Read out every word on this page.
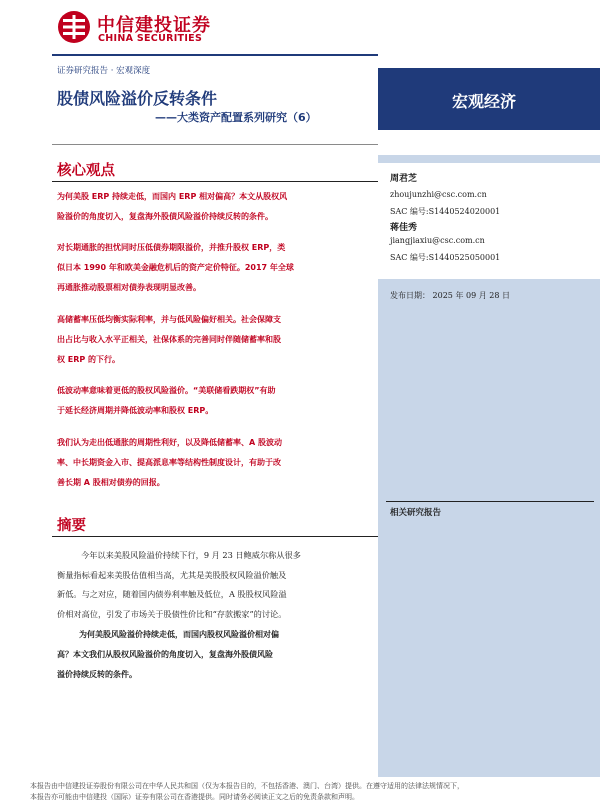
中信建投证券
CHINA SECURITIES
证券研究报告 · 宏观深度
股债风险溢价反转条件
——大类资产配置系列研究（6）
宏观经济
周君芝
zhoujunzhi@csc.com.cn
SAC 编号:S1440524020001
蒋佳秀
jiangjiaxiu@csc.com.cn
SAC 编号:S1440525050001
发布日期： 2025 年 09 月 28 日
相关研究报告
核心观点
为何美股 ERP 持续走低，而国内 ERP 相对偏高？本文从股权风
险溢价的角度切入，复盘海外股债风险溢价持续反转的条件。
对长期通胀的担忧同时压低债券期限溢价，并推升股权 ERP，类
似日本 1990 年和欧美金融危机后的资产定价特征。2017 年全球
再通胀推动股票相对债券表现明显改善。
高储蓄率压低均衡实际利率，并与低风险偏好相关。社会保障支
出占比与收入水平正相关，社保体系的完善同时伴随储蓄率和股
权 ERP 的下行。
低波动率意味着更低的股权风险溢价。“美联储看跌期权”有助
于延长经济周期并降低波动率和股权 ERP。
我们认为走出低通胀的周期性利好，以及降低储蓄率、A 股波动
率、中长期资金入市、提高派息率等结构性制度设计，有助于改
善长期 A 股相对债券的回报。
摘要
今年以来美股风险溢价持续下行，9 月 23 日鲍威尔称从很多
衡量指标看起来美股估值相当高，尤其是美股股权风险溢价触及
新低。与之对应，随着国内债券利率触及低位，A 股股权风险溢
价相对高位，引发了市场关于股债性价比和“存款搬家”的讨论。
为何美股风险溢价持续走低，而国内股权风险溢价相对偏
高？本文我们从股权风险溢价的角度切入，复盘海外股债风险
溢价持续反转的条件。
本报告由中信建投证券股份有限公司在中华人民共和国（仅为本报告目的，不包括香港、澳门、台湾）提供。在遵守适用的法律法规情况下，
本报告亦可能由中信建投（国际）证券有限公司在香港提供。同时请务必阅读正文之后的免责条款和声明。
